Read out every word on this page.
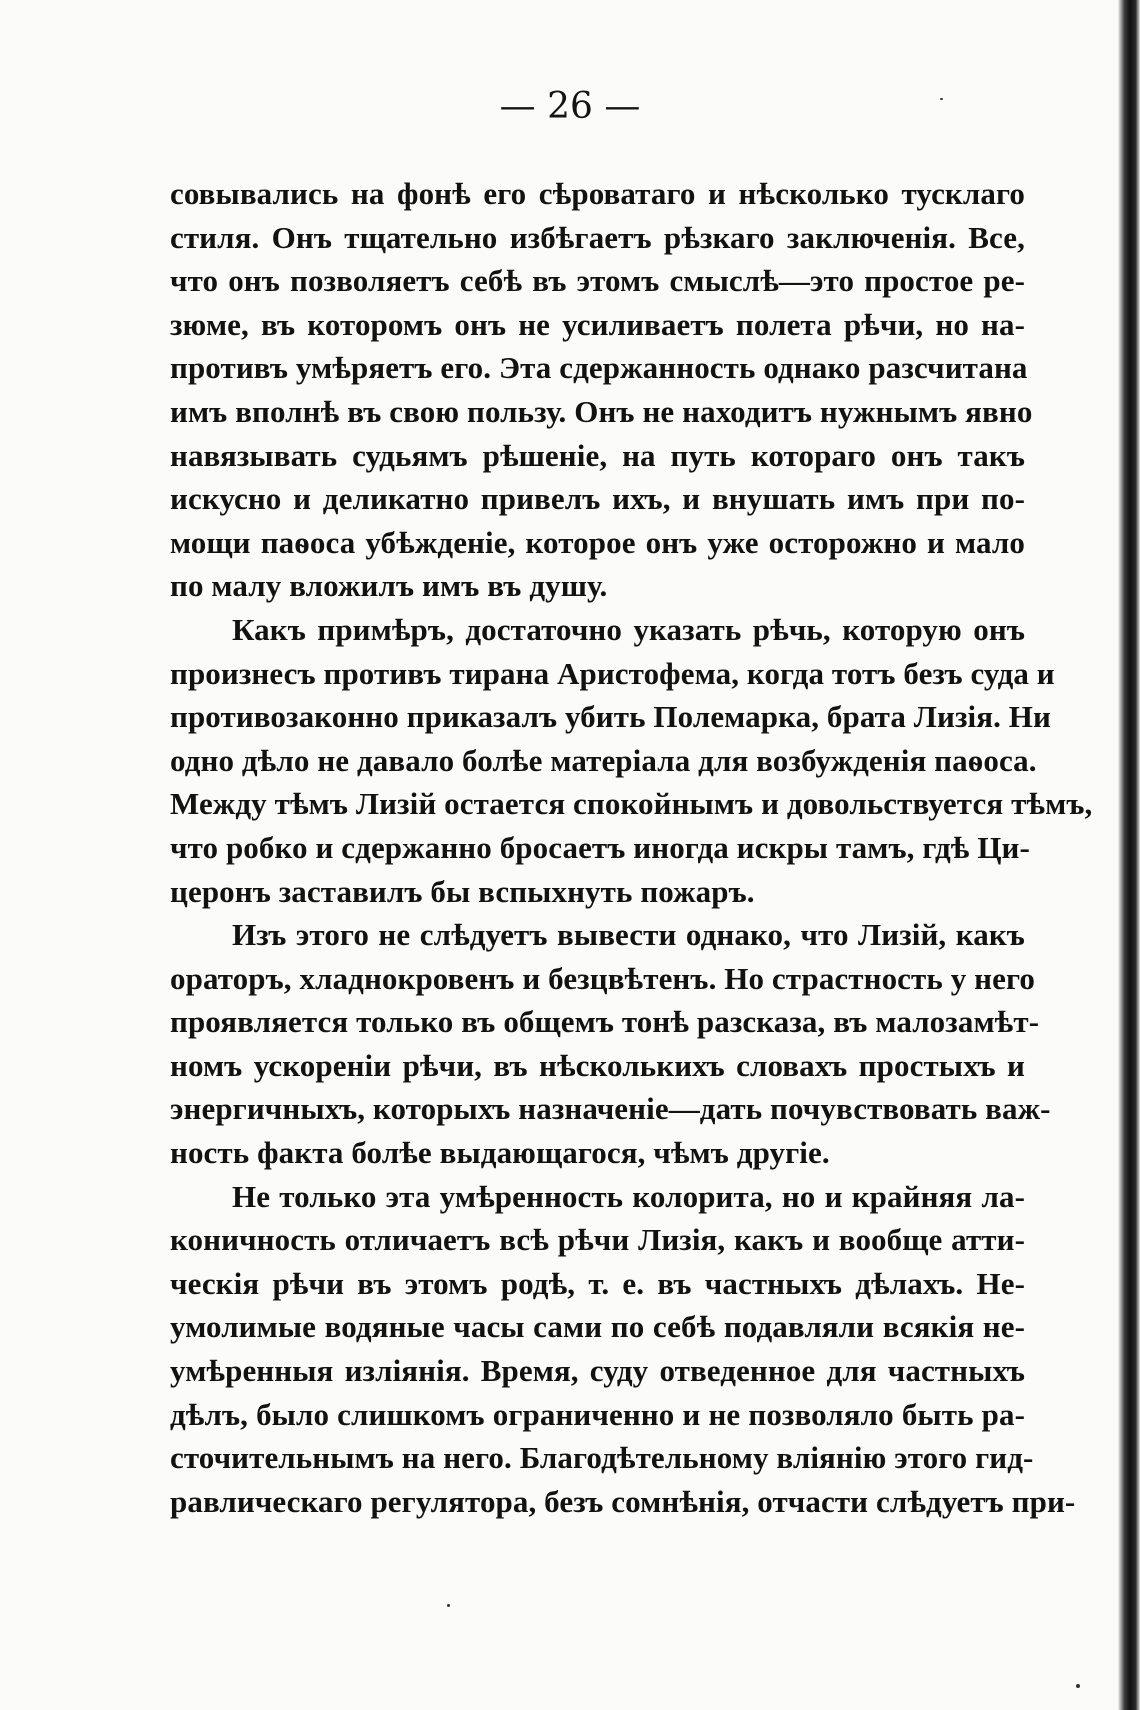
— 26 —
совывались на фонѣ его сѣроватаго и нѣсколько тусклаго
стиля. Онъ тщательно избѣгаетъ рѣзкаго заключенія. Все,
что онъ позволяетъ себѣ въ этомъ смыслѣ—это простое ре-
зюме, въ которомъ онъ не усиливаетъ полета рѣчи, но на-
противъ умѣряетъ его. Эта сдержанность однако разсчитана
имъ вполнѣ въ свою пользу. Онъ не находитъ нужнымъ явно
навязывать судьямъ рѣшеніе, на путь котораго онъ такъ
искусно и деликатно привелъ ихъ, и внушать имъ при по-
мощи паѳоса убѣжденіе, которое онъ уже осторожно и мало
по малу вложилъ имъ въ душу.
Какъ примѣръ, достаточно указать рѣчь, которую онъ
произнесъ противъ тирана Аристофема, когда тотъ безъ суда и
противозаконно приказалъ убить Полемарка, брата Лизія. Ни
одно дѣло не давало болѣе матеріала для возбужденія паѳоса.
Между тѣмъ Лизій остается спокойнымъ и довольствуется тѣмъ,
что робко и сдержанно бросаетъ иногда искры тамъ, гдѣ Ци-
церонъ заставилъ бы вспыхнуть пожаръ.
Изъ этого не слѣдуетъ вывести однако, что Лизій, какъ
ораторъ, хладнокровенъ и безцвѣтенъ. Но страстность у него
проявляется только въ общемъ тонѣ разсказа, въ малозамѣт-
номъ ускореніи рѣчи, въ нѣсколькихъ словахъ простыхъ и
энергичныхъ, которыхъ назначеніе—дать почувствовать важ-
ность факта болѣе выдающагося, чѣмъ другіе.
Не только эта умѣренность колорита, но и крайняя ла-
коничность отличаетъ всѣ рѣчи Лизія, какъ и вообще атти-
ческія рѣчи въ этомъ родѣ, т. е. въ частныхъ дѣлахъ. Не-
умолимые водяные часы сами по себѣ подавляли всякія не-
умѣренныя изліянія. Время, суду отведенное для частныхъ
дѣлъ, было слишкомъ ограниченно и не позволяло быть ра-
сточительнымъ на него. Благодѣтельному вліянію этого гид-
равлическаго регулятора, безъ сомнѣнія, отчасти слѣдуетъ при-
